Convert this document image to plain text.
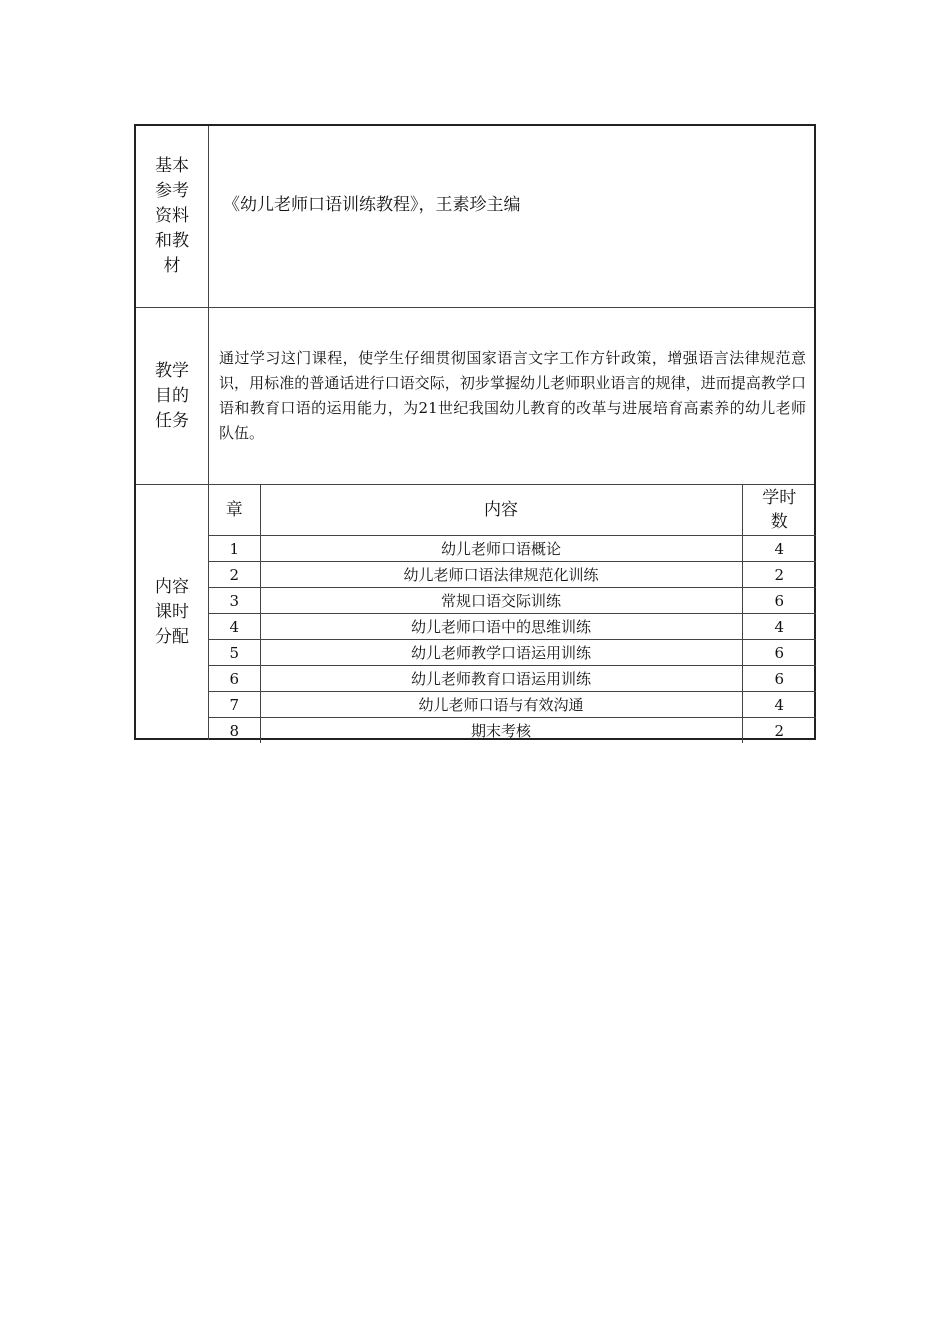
基本参考资料和教材
《幼儿老师口语训练教程》，王素珍主编
教学目的任务
通过学习这门课程，使学生仔细贯彻国家语言文字工作方针政策，增强语言法律规范意识，用标准的普通话进行口语交际，初步掌握幼儿老师职业语言的规律，进而提高教学口语和教育口语的运用能力，为21世纪我国幼儿教育的改革与进展培育高素养的幼儿老师队伍。
内容课时分配
章	内容	学时数

1	幼儿老师口语概论	4
2	幼儿老师口语法律规范化训练	2
3	常规口语交际训练	6
4	幼儿老师口语中的思维训练	4
5	幼儿老师教学口语运用训练	6
6	幼儿老师教育口语运用训练	6
7	幼儿老师口语与有效沟通	4
8	期末考核	2
